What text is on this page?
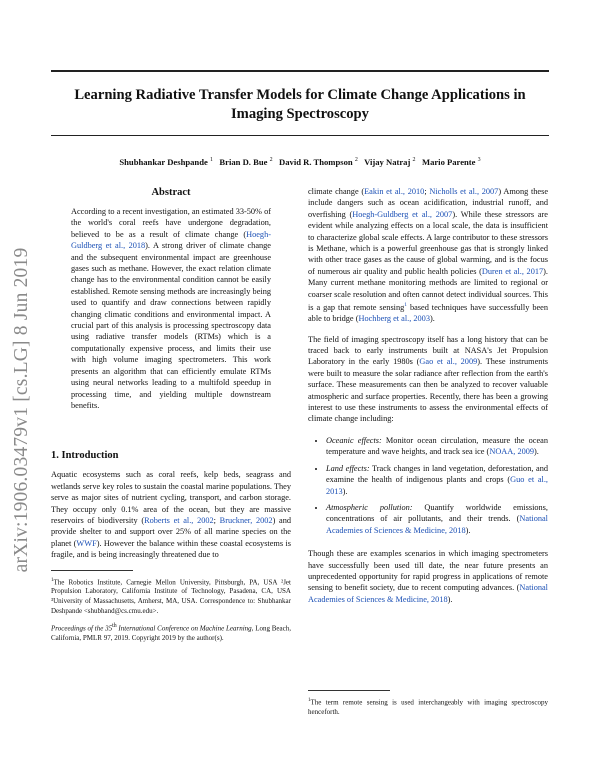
Learning Radiative Transfer Models for Climate Change Applications in Imaging Spectroscopy
Shubhankar Deshpande $^1$ Brian D. Bue $^2$ David R. Thompson $^2$ Vijay Natraj $^2$ Mario Parente $^3$
arXiv:1906.03479v1 [cs.LG] 8 Jun 2019
Abstract
According to a recent investigation, an estimated 33-50% of the world's coral reefs have undergone degradation, believed to be as a result of climate change (Hoegh-Guldberg et al., 2018). A strong driver of climate change and the subsequent environmental impact are greenhouse gases such as methane. However, the exact relation climate change has to the environmental condition cannot be easily established. Remote sensing methods are increasingly being used to quantify and draw connections between rapidly changing climatic conditions and environmental impact. A crucial part of this analysis is processing spectroscopy data using radiative transfer models (RTMs) which is a computationally expensive process, and limits their use with high volume imaging spectrometers. This work presents an algorithm that can efficiently emulate RTMs using neural networks leading to a multifold speedup in processing time, and yielding multiple downstream benefits.
1. Introduction

Aquatic ecosystems such as coral reefs, kelp beds, seagrass and wetlands serve key roles to sustain the coastal marine populations. They serve as major sites of nutrient cycling, transport, and carbon storage. They occupy only 0.1% area of the ocean, but they are massive reservoirs of biodiversity (Roberts et al., 2002; Bruckner, 2002) and provide shelter to and support over 25% of all marine species on the planet (WWF). However the balance within these coastal ecosystems is fragile, and is being increasingly threatened due to

$^1$The Robotics Institute, Carnegie Mellon University, Pittsburgh, PA, USA ²Jet Propulsion Laboratory, California Institute of Technology, Pasadena, CA, USA ³University of Massachusetts, Amherst, MA, USA. Correspondence to: Shubhankar Deshpande <shubhand@cs.cmu.edu>.
Proceedings of the 35th International Conference on Machine Learning, Long Beach, California, PMLR 97, 2019. Copyright 2019 by the author(s).

climate change (Eakin et al., 2010; Nicholls et al., 2007) Among these include dangers such as ocean acidification, industrial runoff, and overfishing (Hoegh-Guldberg et al., 2007). While these stressors are evident while analyzing effects on a local scale, the data is insufficient to characterize global scale effects. A large contributor to these stressors is Methane, which is a powerful greenhouse gas that is strongly linked with other trace gases as the cause of global warming, and is the focus of numerous air quality and public health policies (Duren et al., 2017). Many current methane monitoring methods are limited to regional or coarser scale resolution and often cannot detect individual sources. This is a gap that remote sensing$^1$ based techniques have successfully been able to bridge (Hochberg et al., 2003).

The field of imaging spectroscopy itself has a long history that can be traced back to early instruments built at NASA's Jet Propulsion Laboratory in the early 1980s (Gao et al., 2009). These instruments were built to measure the solar radiance after reflection from the earth's surface. These measurements can then be analyzed to recover valuable atmospheric and surface properties. Recently, there has been a growing interest to use these instruments to assess the environmental effects of climate change including:

• Oceanic effects: Monitor ocean circulation, measure the ocean temperature and wave heights, and track sea ice (NOAA, 2009).
• Land effects: Track changes in land vegetation, deforestation, and examine the health of indigenous plants and crops (Guo et al., 2013).
• Atmospheric pollution: Quantify worldwide emissions, concentrations of air pollutants, and their trends. (National Academies of Sciences & Medicine, 2018).

Though these are examples scenarios in which imaging spectrometers have successfully been used till date, the near future presents an unprecedented opportunity for rapid progress in applications of remote sensing to benefit society, due to recent computing advances. (National Academies of Sciences & Medicine, 2018).

$^1$The term remote sensing is used interchangeably with imaging spectroscopy henceforth.
